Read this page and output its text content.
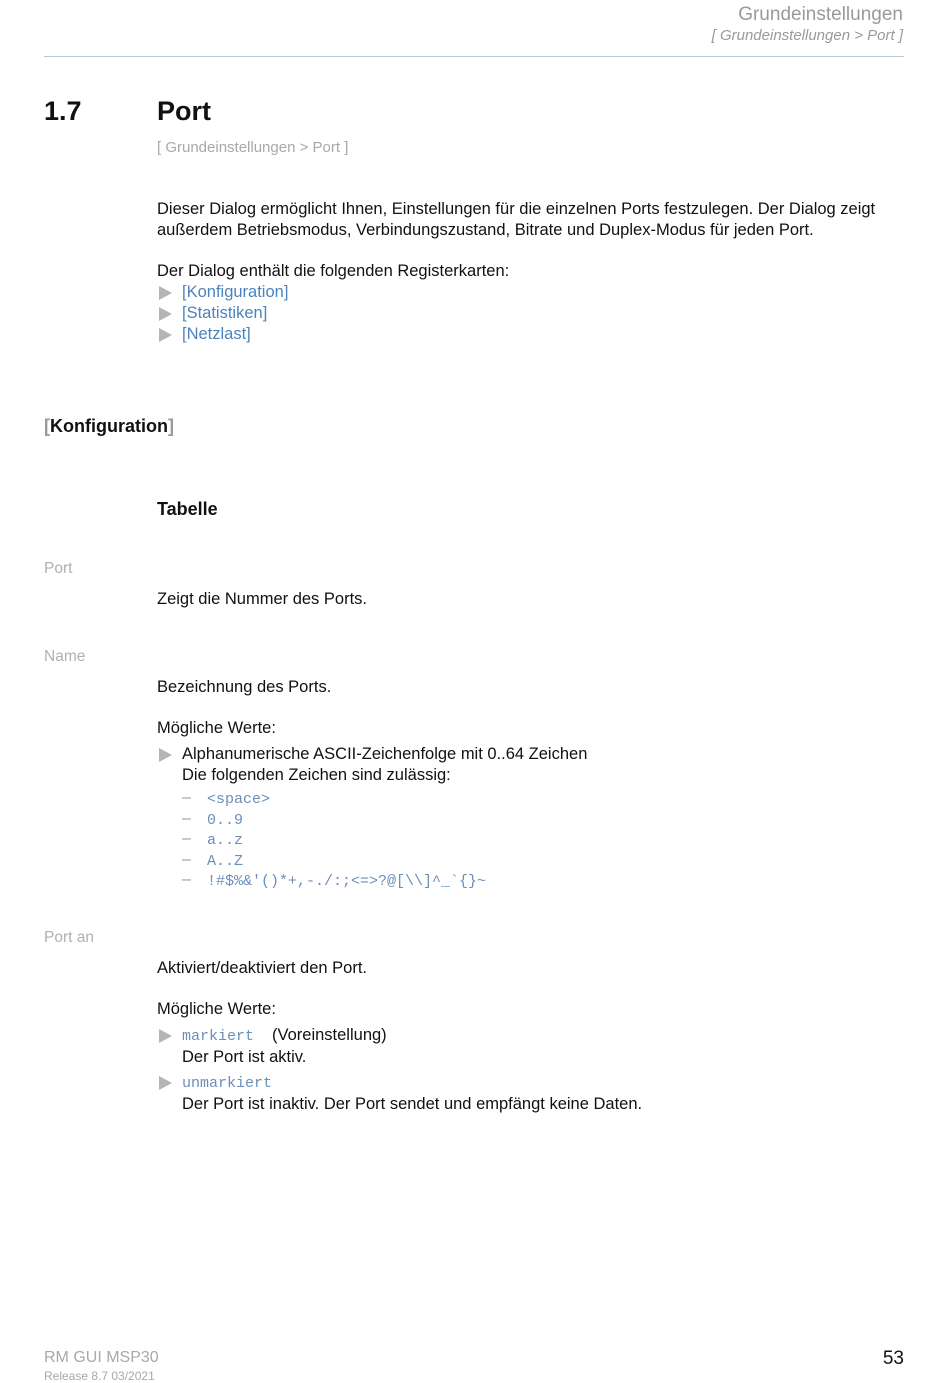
Grundeinstellungen
[ Grundeinstellungen > Port ]
1.7	Port
[ Grundeinstellungen > Port ]
Dieser Dialog ermöglicht Ihnen, Einstellungen für die einzelnen Ports festzulegen. Der Dialog zeigt
außerdem Betriebsmodus, Verbindungszustand, Bitrate und Duplex-Modus für jeden Port.
Der Dialog enthält die folgenden Registerkarten:
[Konfiguration]
[Statistiken]
[Netzlast]
[Konfiguration]
Tabelle
Port
Zeigt die Nummer des Ports.
Name
Bezeichnung des Ports.
Mögliche Werte:
Alphanumerische ASCII-Zeichenfolge mit 0..64 Zeichen
Die folgenden Zeichen sind zulässig:
– <space>
– 0..9
– a..z
– A..Z
– !#$%&'()*+,-./:;<=>?@[\\]^_`{}~
Port an
Aktiviert/deaktiviert den Port.
Mögliche Werte:
markiert (Voreinstellung)
Der Port ist aktiv.
unmarkiert
Der Port ist inaktiv. Der Port sendet und empfängt keine Daten.
RM GUI MSP30
Release 8.7 03/2021
53
